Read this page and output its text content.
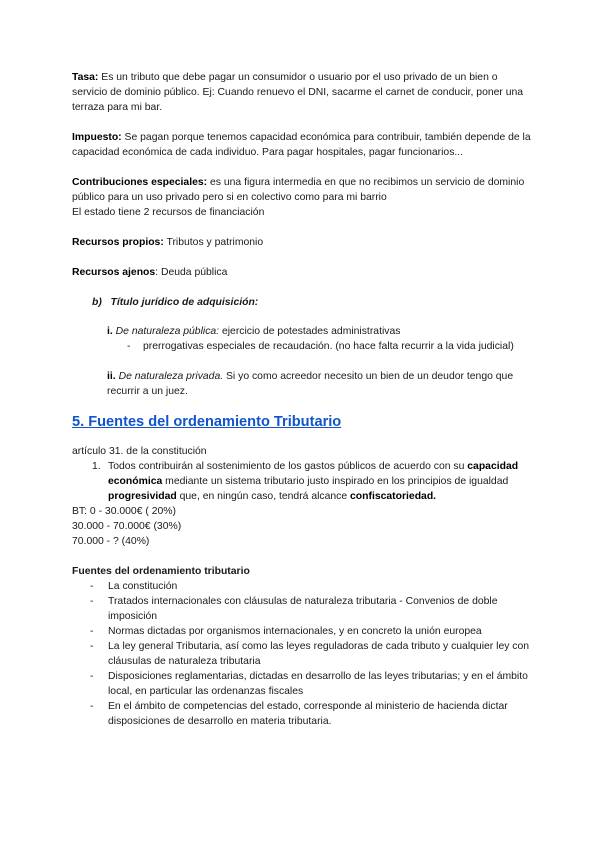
Tasa: Es un tributo que debe pagar un consumidor o usuario por el uso privado de un bien o servicio de dominio público. Ej: Cuando renuevo el DNI, sacarme el carnet de conducir, poner una terraza para mi bar.

Impuesto: Se pagan porque tenemos capacidad económica para contribuir, también depende de la capacidad económica de cada individuo. Para pagar hospitales, pagar funcionarios...

Contribuciones especiales: es una figura intermedia en que no recibimos un servicio de dominio público para un uso privado pero si en colectivo como para mi barrio

El estado tiene 2 recursos de financiación

Recursos propios: Tributos y patrimonio

Recursos ajenos: Deuda pública

b) Título jurídico de adquisición:

i. De naturaleza pública: ejercicio de potestades administrativas

- prerrogativas especiales de recaudación. (no hace falta recurrir a la vida judicial)

ii. De naturaleza privada. Si yo como acreedor necesito un bien de un deudor tengo que recurrir a un juez.

5. Fuentes del ordenamiento Tributario

artículo 31. de la constitución

1. Todos contribuirán al sostenimiento de los gastos públicos de acuerdo con su capacidad económica mediante un sistema tributario justo inspirado en los principios de igualdad progresividad que, en ningún caso, tendrá alcance confiscatoriedad.

BT: 0 - 30.000€ ( 20%)

30.000 - 70.000€ (30%)

70.000 - ? (40%)

Fuentes del ordenamiento tributario

- La constitución
- Tratados internacionales con cláusulas de naturaleza tributaria - Convenios de doble imposición
- Normas dictadas por organismos internacionales, y en concreto la unión europea
- La ley general Tributaria, así como las leyes reguladoras de cada tributo y cualquier ley con cláusulas de naturaleza tributaria
- Disposiciones reglamentarias, dictadas en desarrollo de las leyes tributarias; y en el ámbito local, en particular las ordenanzas fiscales
- En el ámbito de competencias del estado, corresponde al ministerio de hacienda dictar disposiciones de desarrollo en materia tributaria.
